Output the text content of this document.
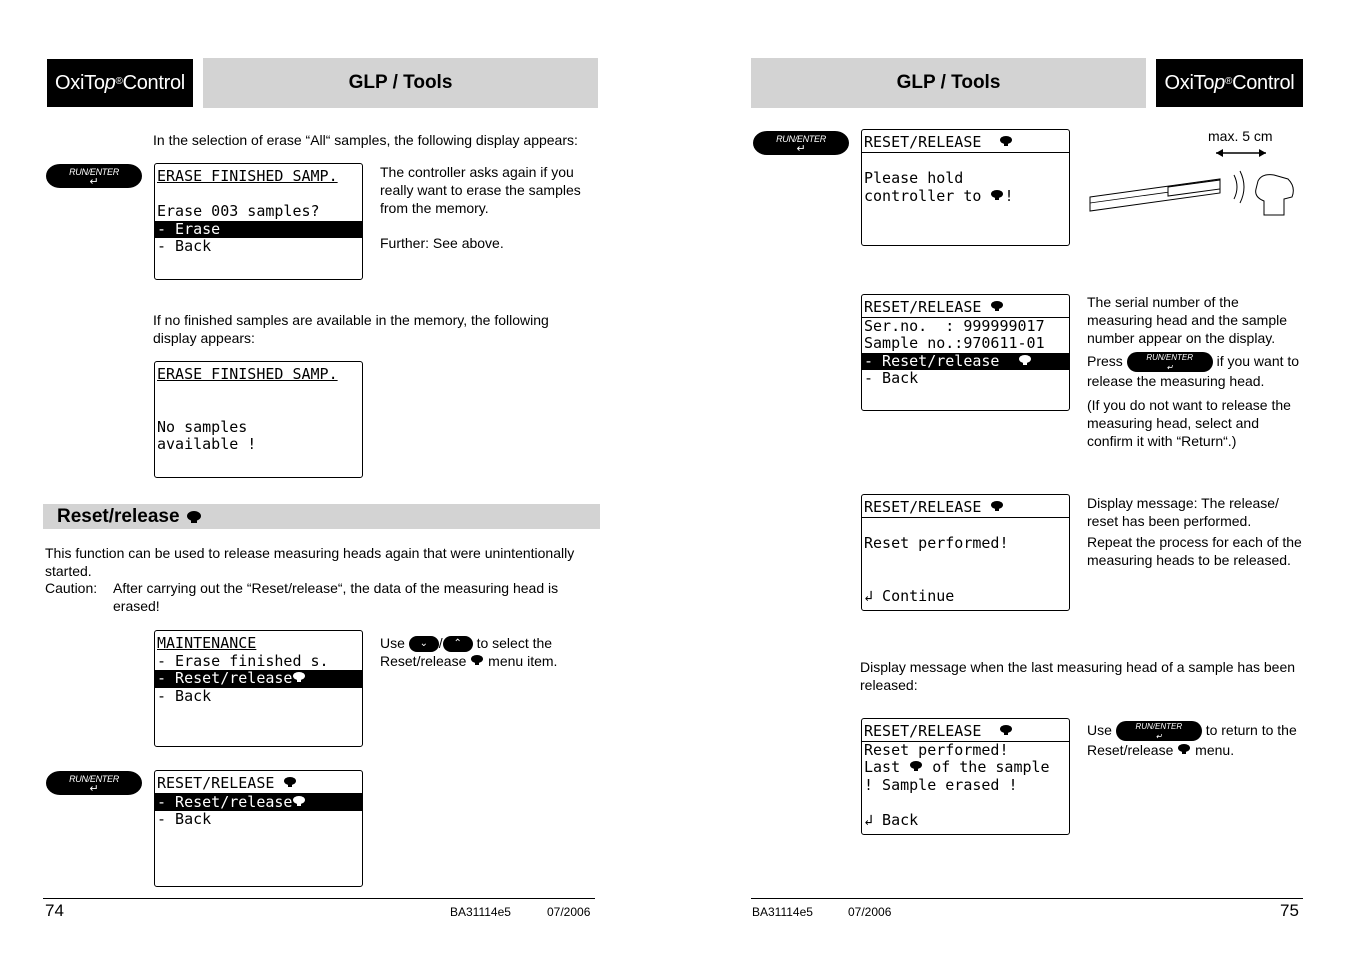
OxiTo p® Control	GLP / Tools
In the selection of erase “All“ samples, the following display appears:
RUN/ENTER
↵	ERASE FINISHED SAMP.
Erase 003 samples?
- Erase
- Back
The controller asks again if you really want to erase the samples from the memory.
Further: See above.
If no finished samples are available in the memory, the following display appears:
ERASE FINISHED SAMP.
No samples
available !
Reset/release
This function can be used to release measuring heads again that were unintentionally started.
Caution: After carrying out the “Reset/release“, the data of the measuring head is erased!
MAINTENANCE
- Erase finished s.
- Reset/release
- Back
Use ⌄ / ⌃ to select the
Reset/release menu item.
RUN/ENTER
↵	RESET/RELEASE
- Reset/release
- Back
74	BA31114e5	07/2006
GLP / Tools	OxiTo p® Control
RUN/ENTER
↵	RESET/RELEASE
Please hold
controller to !
max. 5 cm
RESET/RELEASE
Ser.no.  : 999999017
Sample no.:970611-01
- Reset/release
- Back
The serial number of the measuring head and the sample number appear on the display.
Press	RUN/ENTER
↵	if you want to release the measuring head.
(If you do not want to release the measuring head, select and confirm it with “Return“.)
RESET/RELEASE
Reset performed!
↲ Continue
Display message: The release/ reset has been performed.
Repeat the process for each of the measuring heads to be released.
Display message when the last measuring head of a sample has been released:
RESET/RELEASE
Reset performed!
Last of the sample
! Sample erased !
↲ Back
Use	RUN/ENTER
↵	to return to the
Reset/release menu.
BA31114e5	07/2006	75
